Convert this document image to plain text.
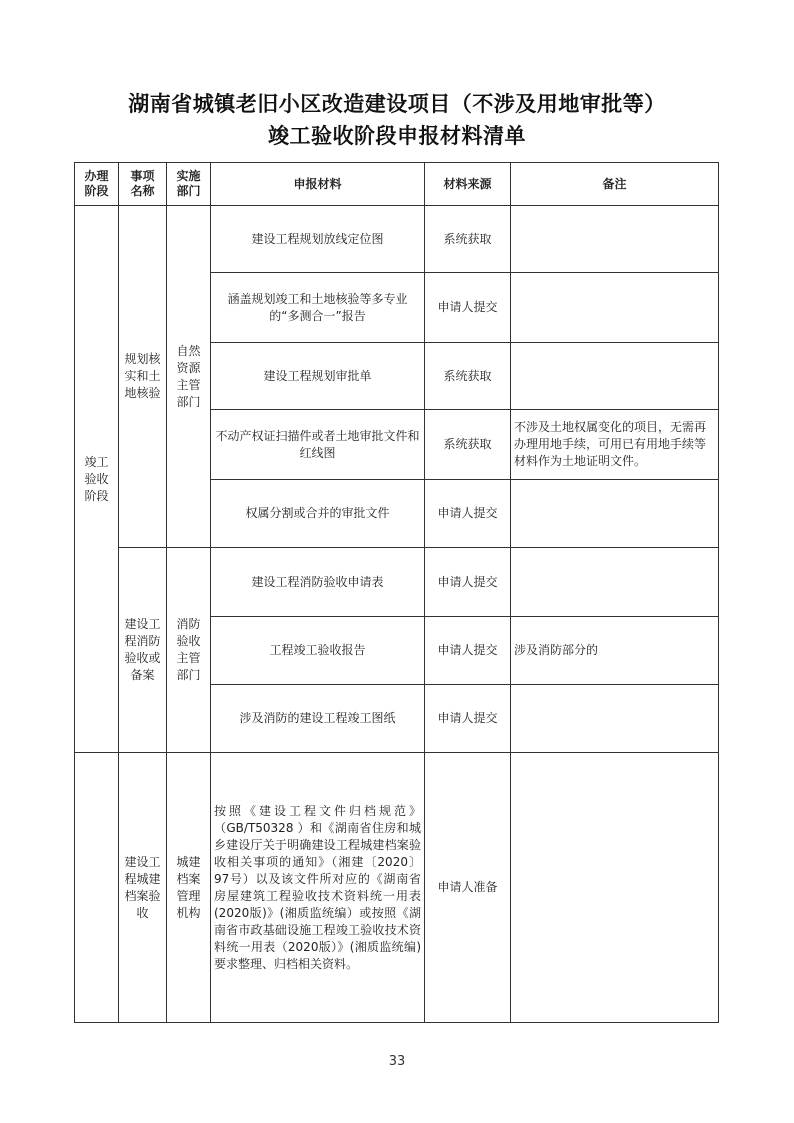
湖南省城镇老旧小区改造建设项目（不涉及用地审批等）
竣工验收阶段申报材料清单
办理阶段	事项名称	实施部门	申报材料	材料来源	备注
竣工验收阶段	规划核实和土地核验	自然资源主管部门	建设工程规划放线定位图	系统获取	
			涵盖规划竣工和土地核验等多专业的“多测合一”报告	申请人提交	
			建设工程规划审批单	系统获取	
			不动产权证扫描件或者土地审批文件和红线图	系统获取	不涉及土地权属变化的项目，无需再办理用地手续，可用已有用地手续等材料作为土地证明文件。
			权属分割或合并的审批文件	申请人提交	
	建设工程消防验收或备案	消防验收主管部门	建设工程消防验收申请表	申请人提交	
			工程竣工验收报告	申请人提交	涉及消防部分的
			涉及消防的建设工程竣工图纸	申请人提交	
	建设工程城建档案验收	城建档案管理机构	按照《建设工程文件归档规范》（GB/T50328 ）和《湖南省住房和城乡建设厅关于明确建设工程城建档案验收相关事项的通知》（湘建〔2020〕97号）以及该文件所对应的《湖南省房屋建筑工程验收技术资料统一用表(2020版)》(湘质监统编）或按照《湖南省市政基础设施工程竣工验收技术资料统一用表（2020版）》(湘质监统编)要求整理、归档相关资料。	申请人准备	
33
